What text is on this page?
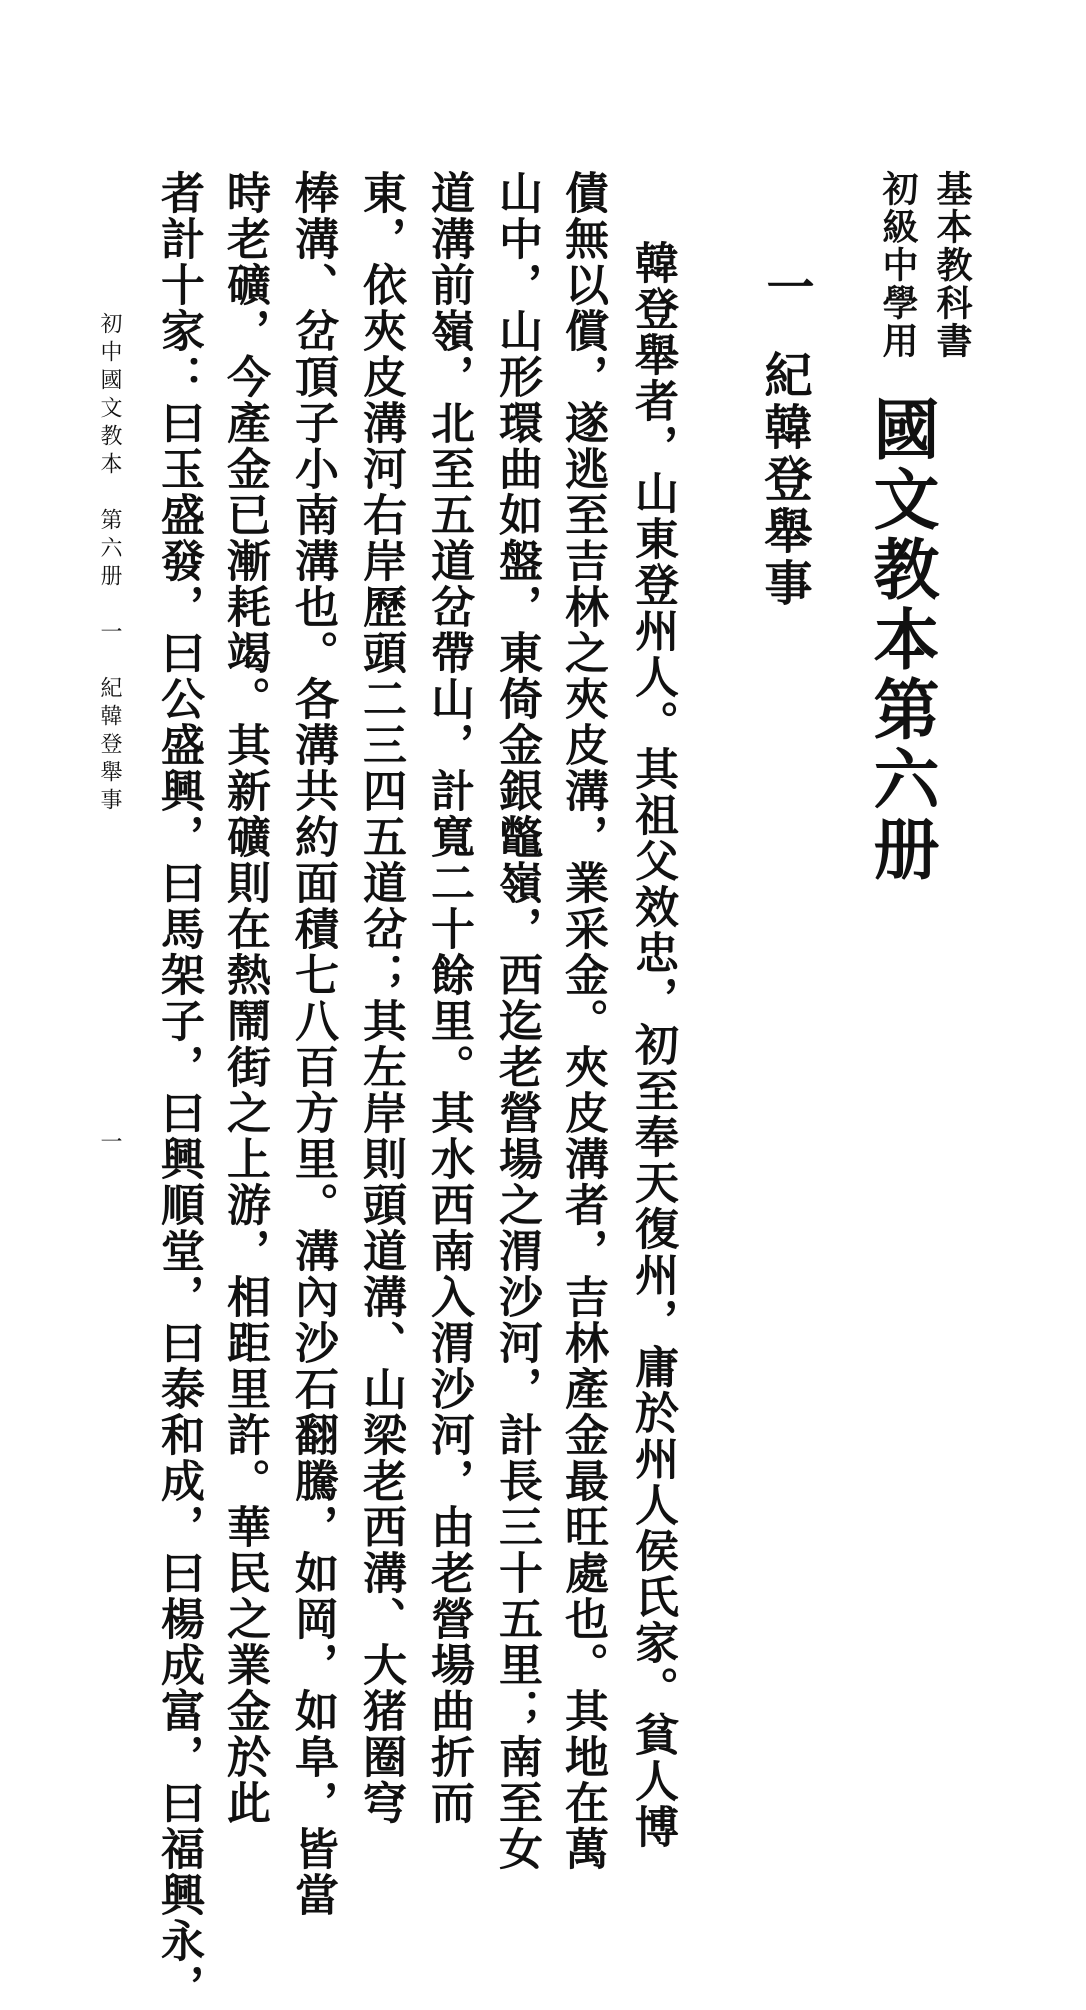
基本教科書
初級中學用
國文教本第六册
一
紀韓登舉事
韓登舉者，山東登州人。其祖父效忠，初至奉天復州，庸於州人侯氏家。貧人博
債無以償，遂逃至吉林之夾皮溝，業采金。夾皮溝者，吉林產金最旺處也。其地在萬
山中，山形環曲如盤，東倚金銀鼈嶺，西迄老營場之渭沙河，計長三十五里；南至女
道溝前嶺，北至五道岔帶山，計寬二十餘里。其水西南入渭沙河，由老營場曲折而
東，依夾皮溝河右岸歷頭二三四五道岔；其左岸則頭道溝、山梁老西溝、大猪圈穹
棒溝、岔頂子小南溝也。各溝共約面積七八百方里。溝內沙石翻騰，如岡，如阜，皆當
時老礦，今產金已漸耗竭。其新礦則在熱鬧街之上游，相距里許。華民之業金於此
者計十家：曰玉盛發，曰公盛興，曰馬架子，曰興順堂，曰泰和成，曰楊成富，曰福興永，
初中國文教本第六册一紀韓登舉事
一
